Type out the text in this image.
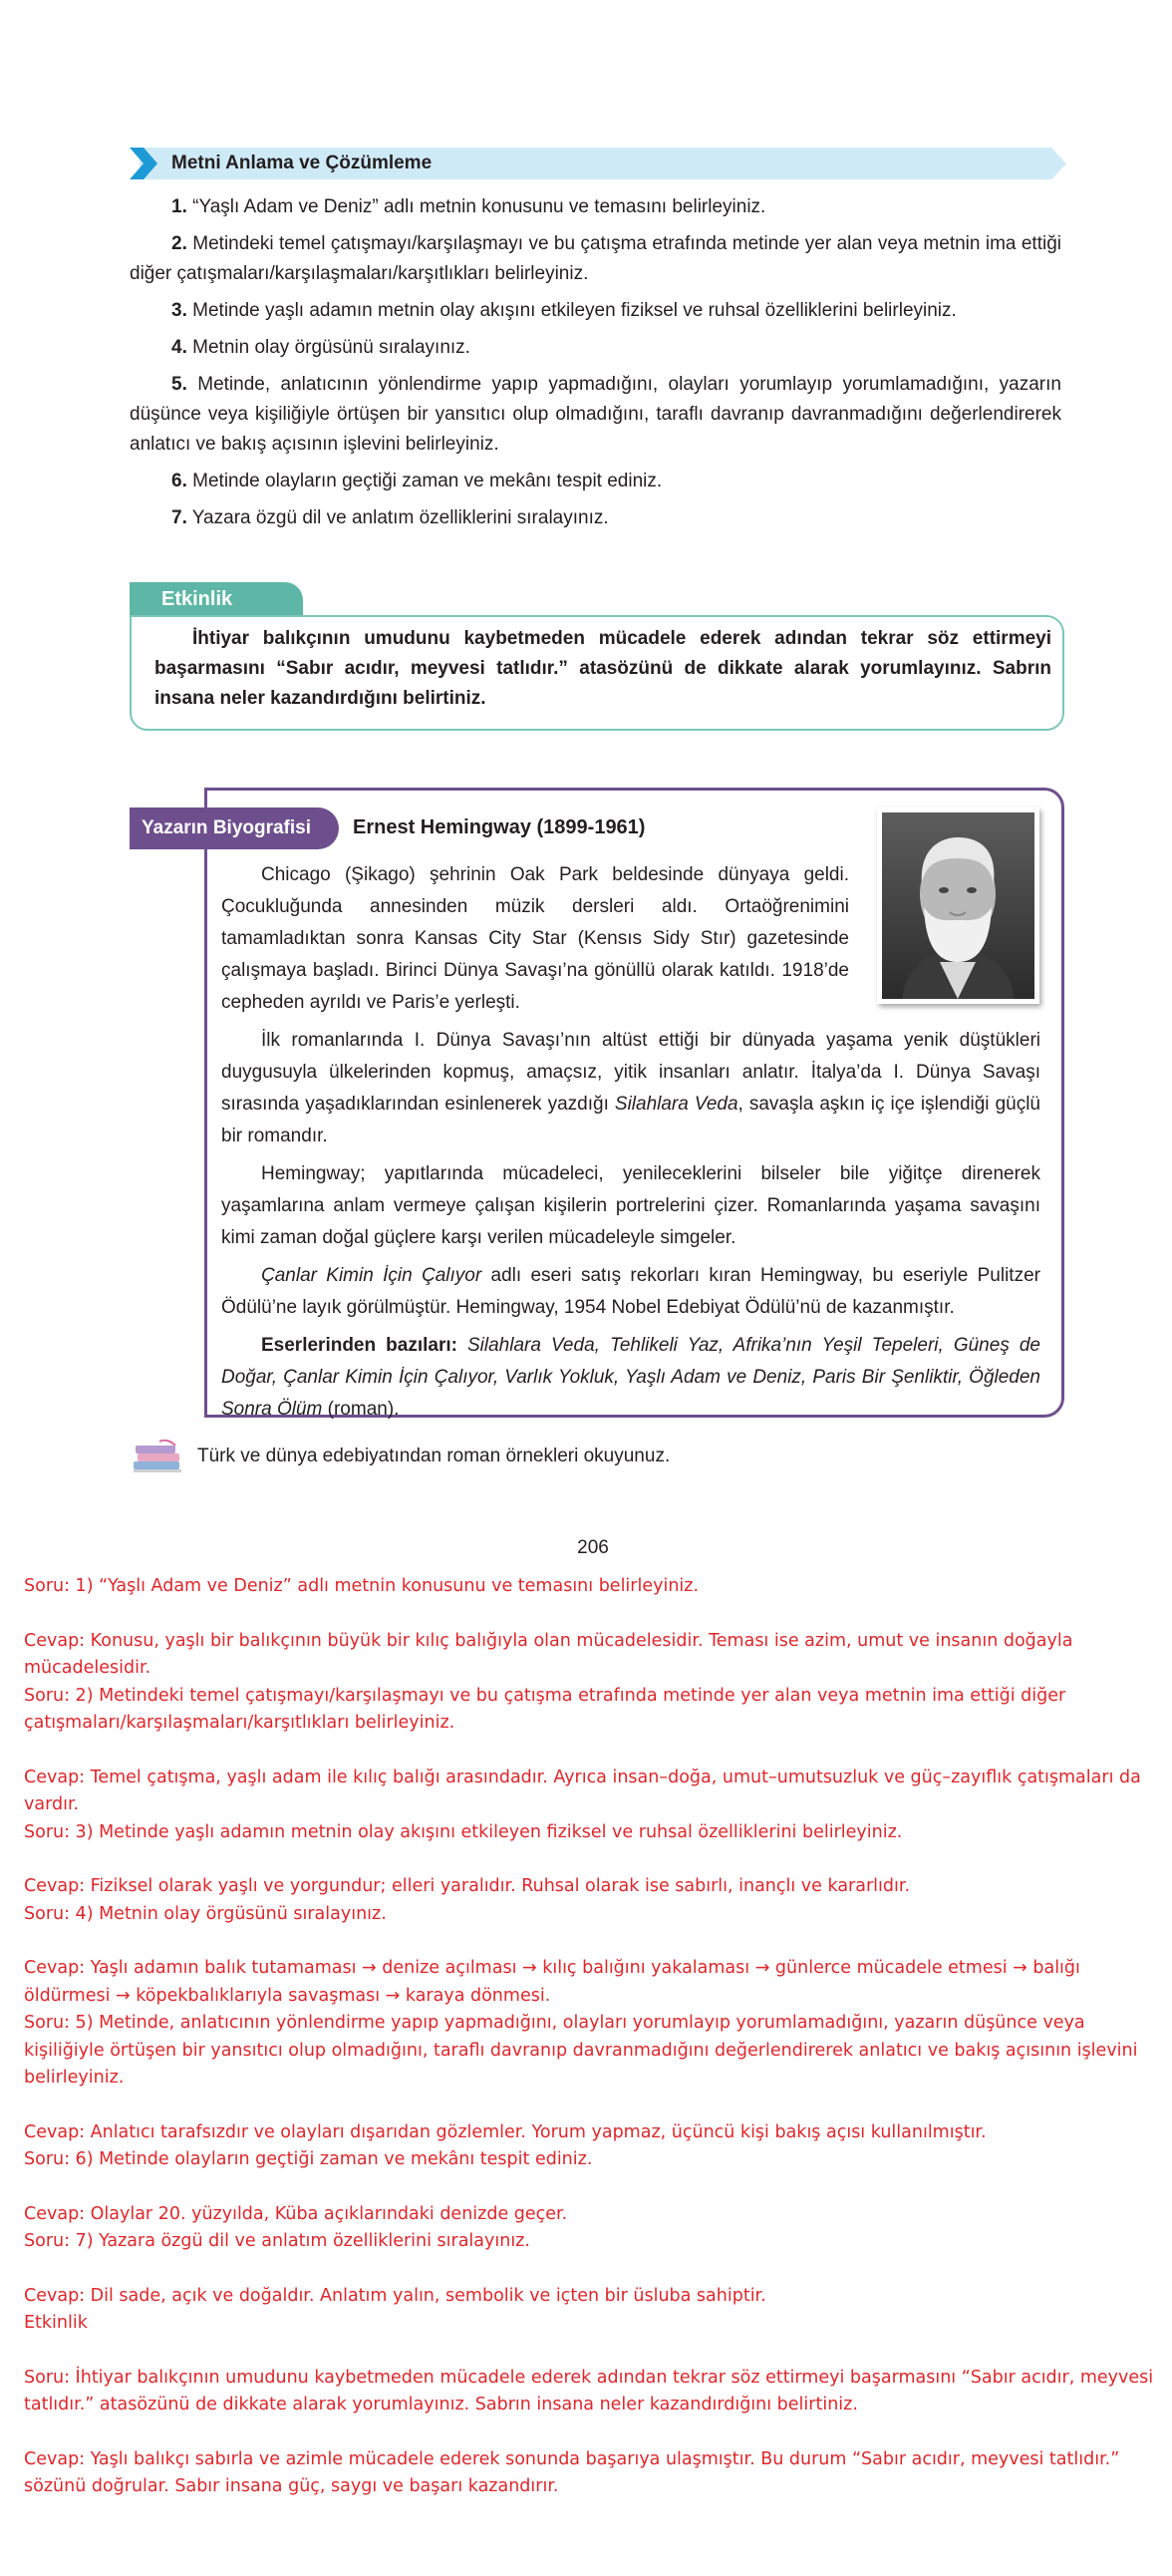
Metni Anlama ve Çözümleme

1. “Yaşlı Adam ve Deniz” adlı metnin konusunu ve temasını belirleyiniz.

2. Metindeki temel çatışmayı/karşılaşmayı ve bu çatışma etrafında metinde yer alan veya metnin ima ettiği diğer çatışmaları/karşılaşmaları/karşıtlıkları belirleyiniz.

3. Metinde yaşlı adamın metnin olay akışını etkileyen fiziksel ve ruhsal özelliklerini belirleyiniz.

4. Metnin olay örgüsünü sıralayınız.

5. Metinde, anlatıcının yönlendirme yapıp yapmadığını, olayları yorumlayıp yorumlamadığını, yazarın düşünce veya kişiliğiyle örtüşen bir yansıtıcı olup olmadığını, taraflı davranıp davranmadığını değerlendirerek anlatıcı ve bakış açısının işlevini belirleyiniz.

6. Metinde olayların geçtiği zaman ve mekânı tespit ediniz.

7. Yazara özgü dil ve anlatım özelliklerini sıralayınız.

Etkinlik
İhtiyar balıkçının umudunu kaybetmeden mücadele ederek adından tekrar söz ettirmeyi başarmasını “Sabır acıdır, meyvesi tatlıdır.” atasözünü de dikkate alarak yorumlayınız. Sabrın insana neler kazandırdığını belirtiniz.
Yazarın Biyografisi	Ernest Hemingway (1899-1961)

Chicago (Şikago) şehrinin Oak Park beldesinde dünyaya geldi. Çocukluğunda annesinden müzik dersleri aldı. Ortaöğrenimini tamamladıktan sonra Kansas City Star (Kensıs Sidy Stır) gazetesinde çalışmaya başladı. Birinci Dünya Savaşı’na gönüllü olarak katıldı. 1918’de cepheden ayrıldı ve Paris’e yerleşti.

İlk romanlarında I. Dünya Savaşı’nın altüst ettiği bir dünyada yaşama yenik düştükleri duygusuyla ülkelerinden kopmuş, amaçsız, yitik insanları anlatır. İtalya’da I. Dünya Savaşı sırasında yaşadıklarından esinlenerek yazdığı Silahlara Veda, savaşla aşkın iç içe işlendiği güçlü bir romandır.

Hemingway; yapıtlarında mücadeleci, yenileceklerini bilseler bile yiğitçe direnerek yaşamlarına anlam vermeye çalışan kişilerin portrelerini çizer. Romanlarında yaşama savaşını kimi zaman doğal güçlere karşı verilen mücadeleyle simgeler.

Çanlar Kimin İçin Çalıyor adlı eseri satış rekorları kıran Hemingway, bu eseriyle Pulitzer Ödülü’ne layık görülmüştür. Hemingway, 1954 Nobel Edebiyat Ödülü’nü de kazanmıştır.

Eserlerinden bazıları: Silahlara Veda, Tehlikeli Yaz, Afrika’nın Yeşil Tepeleri, Güneş de Doğar, Çanlar Kimin İçin Çalıyor, Varlık Yokluk, Yaşlı Adam ve Deniz, Paris Bir Şenliktir, Öğleden Sonra Ölüm (roman).

Türk ve dünya edebiyatından roman örnekleri okuyunuz.
206
Soru: 1) “Yaşlı Adam ve Deniz” adlı metnin konusunu ve temasını belirleyiniz.
Cevap: Konusu, yaşlı bir balıkçının büyük bir kılıç balığıyla olan mücadelesidir. Teması ise azim, umut ve insanın doğayla mücadelesidir.
Soru: 2) Metindeki temel çatışmayı/karşılaşmayı ve bu çatışma etrafında metinde yer alan veya metnin ima ettiği diğer çatışmaları/karşılaşmaları/karşıtlıkları belirleyiniz.
Cevap: Temel çatışma, yaşlı adam ile kılıç balığı arasındadır. Ayrıca insan–doğa, umut–umutsuzluk ve güç–zayıflık çatışmaları da vardır.
Soru: 3) Metinde yaşlı adamın metnin olay akışını etkileyen fiziksel ve ruhsal özelliklerini belirleyiniz.
Cevap: Fiziksel olarak yaşlı ve yorgundur; elleri yaralıdır. Ruhsal olarak ise sabırlı, inançlı ve kararlıdır.
Soru: 4) Metnin olay örgüsünü sıralayınız.
Cevap: Yaşlı adamın balık tutamaması → denize açılması → kılıç balığını yakalaması → günlerce mücadele etmesi → balığı öldürmesi → köpekbalıklarıyla savaşması → karaya dönmesi.
Soru: 5) Metinde, anlatıcının yönlendirme yapıp yapmadığını, olayları yorumlayıp yorumlamadığını, yazarın düşünce veya kişiliğiyle örtüşen bir yansıtıcı olup olmadığını, taraflı davranıp davranmadığını değerlendirerek anlatıcı ve bakış açısının işlevini belirleyiniz.
Cevap: Anlatıcı tarafsızdır ve olayları dışarıdan gözlemler. Yorum yapmaz, üçüncü kişi bakış açısı kullanılmıştır.
Soru: 6) Metinde olayların geçtiği zaman ve mekânı tespit ediniz.
Cevap: Olaylar 20. yüzyılda, Küba açıklarındaki denizde geçer.
Soru: 7) Yazara özgü dil ve anlatım özelliklerini sıralayınız.
Cevap: Dil sade, açık ve doğaldır. Anlatım yalın, sembolik ve içten bir üsluba sahiptir.
Etkinlik
Soru: İhtiyar balıkçının umudunu kaybetmeden mücadele ederek adından tekrar söz ettirmeyi başarmasını “Sabır acıdır, meyvesi tatlıdır.” atasözünü de dikkate alarak yorumlayınız. Sabrın insana neler kazandırdığını belirtiniz.
Cevap: Yaşlı balıkçı sabırla ve azimle mücadele ederek sonunda başarıya ulaşmıştır. Bu durum “Sabır acıdır, meyvesi tatlıdır.” sözünü doğrular. Sabır insana güç, saygı ve başarı kazandırır.
